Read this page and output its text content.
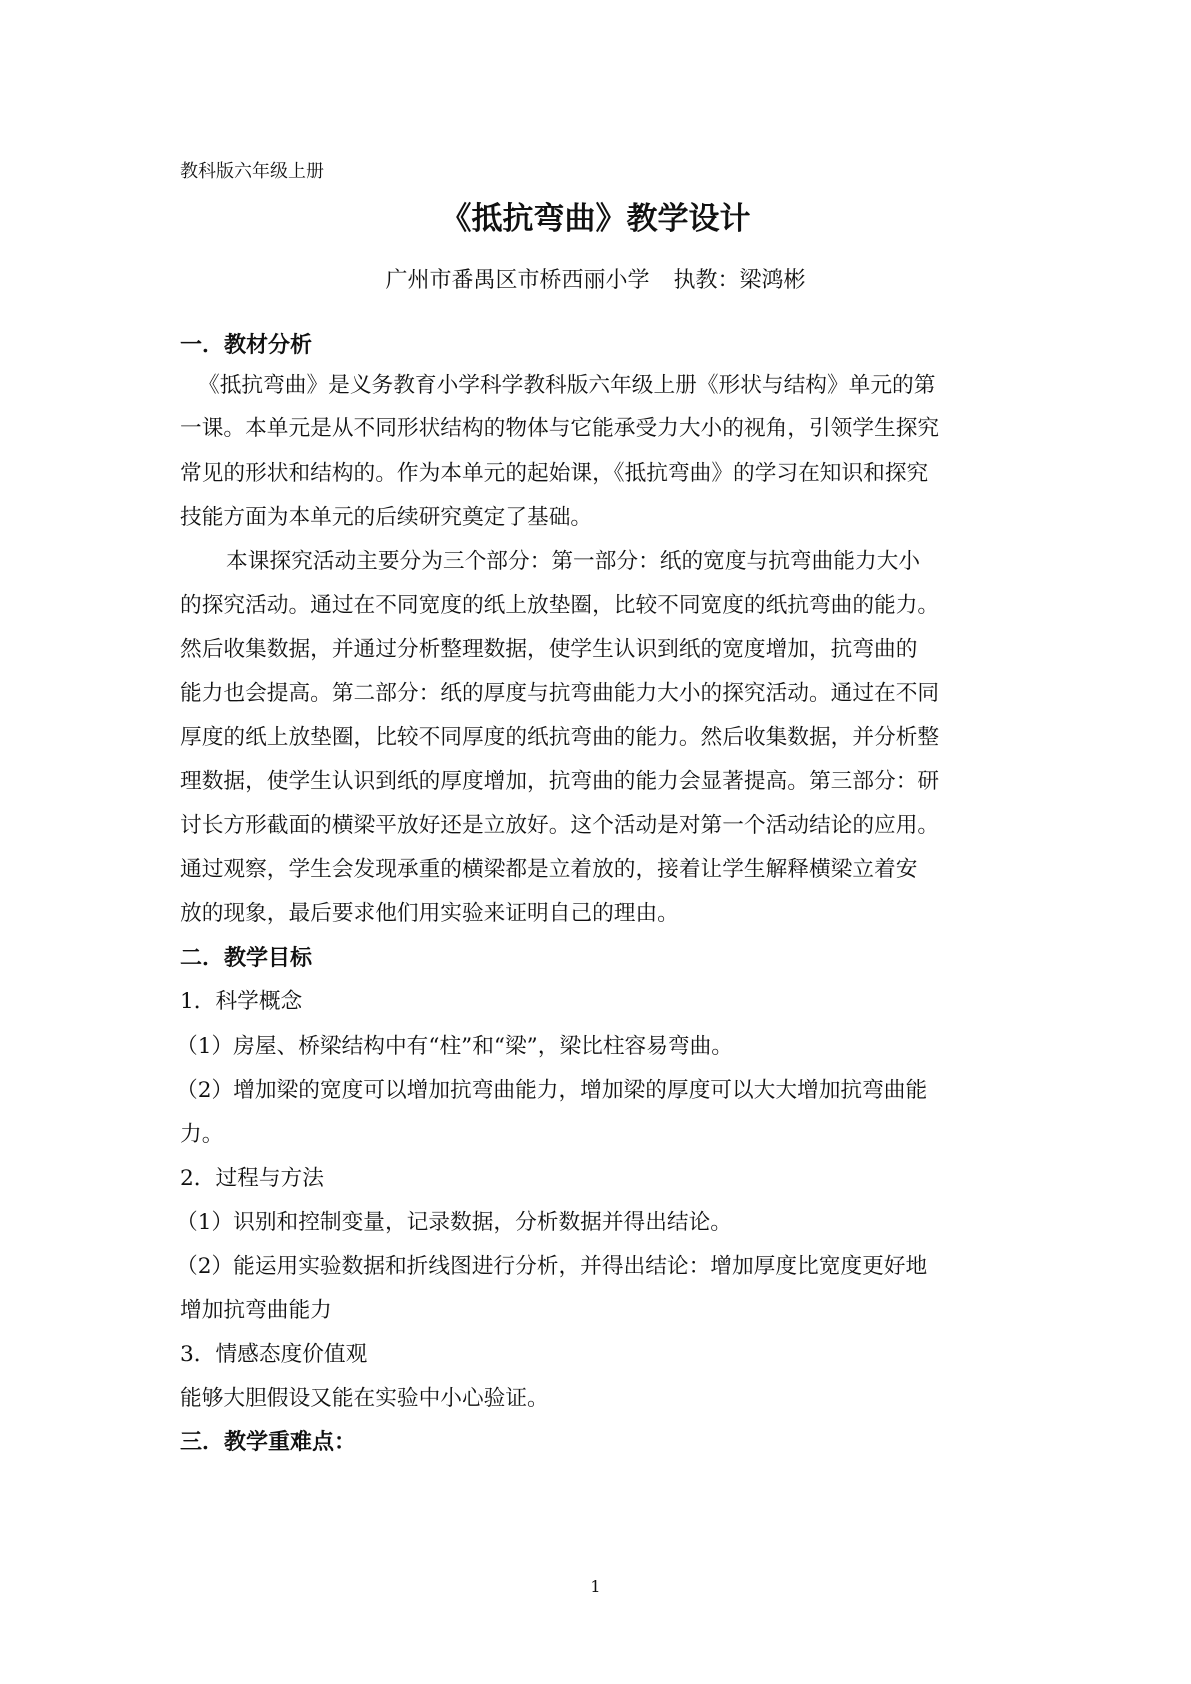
教科版六年级上册
《抵抗弯曲》教学设计
广州市番禺区市桥西丽小学 执教：梁鸿彬
一．教材分析
《抵抗弯曲》是义务教育小学科学教科版六年级上册《形状与结构》单元的第
一课。本单元是从不同形状结构的物体与它能承受力大小的视角，引领学生探究
常见的形状和结构的。作为本单元的起始课，《抵抗弯曲》的学习在知识和探究
技能方面为本单元的后续研究奠定了基础。
本课探究活动主要分为三个部分：第一部分：纸的宽度与抗弯曲能力大小
的探究活动。通过在不同宽度的纸上放垫圈，比较不同宽度的纸抗弯曲的能力。
然后收集数据，并通过分析整理数据，使学生认识到纸的宽度增加，抗弯曲的
能力也会提高。第二部分：纸的厚度与抗弯曲能力大小的探究活动。通过在不同
厚度的纸上放垫圈，比较不同厚度的纸抗弯曲的能力。然后收集数据，并分析整
理数据，使学生认识到纸的厚度增加，抗弯曲的能力会显著提高。第三部分：研
讨长方形截面的横梁平放好还是立放好。这个活动是对第一个活动结论的应用。
通过观察，学生会发现承重的横梁都是立着放的，接着让学生解释横梁立着安
放的现象，最后要求他们用实验来证明自己的理由。
二．教学目标
1．科学概念
（1）房屋、桥梁结构中有“柱”和“梁”，梁比柱容易弯曲。
（2）增加梁的宽度可以增加抗弯曲能力，增加梁的厚度可以大大增加抗弯曲能
力。
2．过程与方法
（1）识别和控制变量，记录数据，分析数据并得出结论。
（2）能运用实验数据和折线图进行分析，并得出结论：增加厚度比宽度更好地
增加抗弯曲能力
3．情感态度价值观
能够大胆假设又能在实验中小心验证。
三．教学重难点：
1
